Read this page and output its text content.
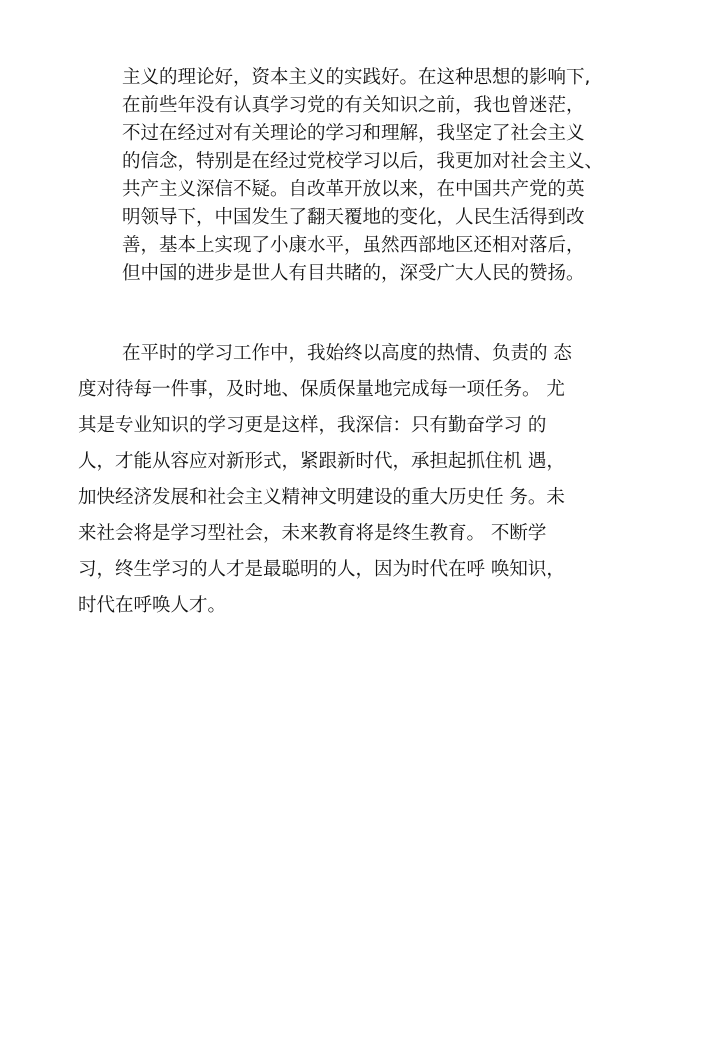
主义的理论好，资本主义的实践好。在这种思想的影响下,
在前些年没有认真学习党的有关知识之前，我也曾迷茫，
不过在经过对有关理论的学习和理解，我坚定了社会主义
的信念，特别是在经过党校学习以后，我更加对社会主义、
共产主义深信不疑。自改革开放以来，在中国共产党的英
明领导下，中国发生了翻天覆地的变化，人民生活得到改
善，基本上实现了小康水平，虽然西部地区还相对落后，
但中国的进步是世人有目共睹的，深受广大人民的赞扬。
在平时的学习工作中，我始终以高度的热情、负责的 态
度对待每一件事，及时地、保质保量地完成每一项任务。 尤
其是专业知识的学习更是这样，我深信：只有勤奋学习 的
人，才能从容应对新形式，紧跟新时代，承担起抓住机 遇，
加快经济发展和社会主义精神文明建设的重大历史任 务。未
来社会将是学习型社会，未来教育将是终生教育。 不断学
习，终生学习的人才是最聪明的人，因为时代在呼 唤知识，
时代在呼唤人才。
